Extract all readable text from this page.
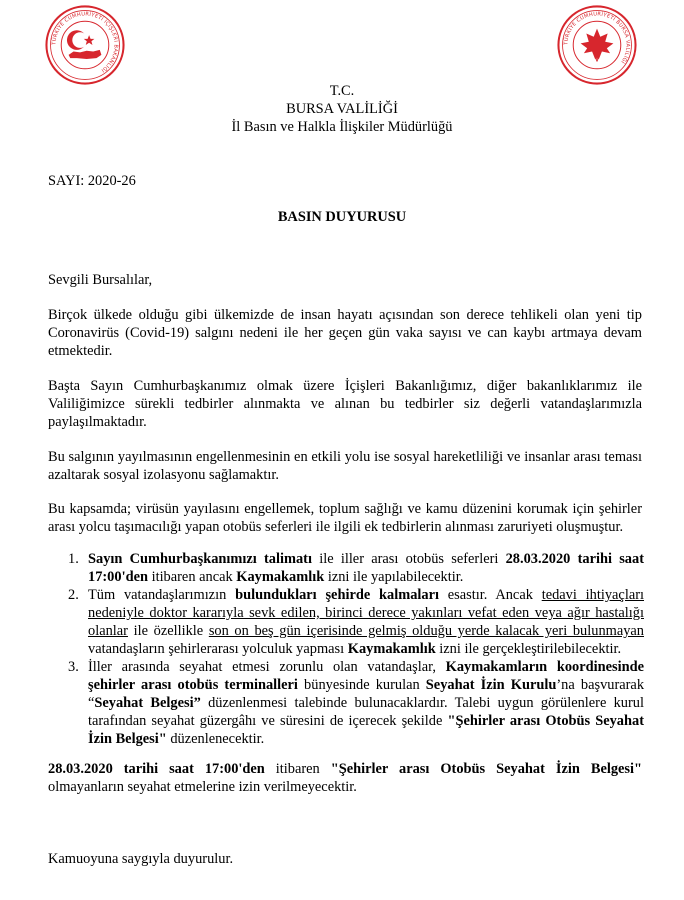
TÜRKİYE CUMHURİYETİ İÇİŞLERİ BAKANLIĞI
TÜRKİYE CUMHURİYETİ BURSA VALİLİĞİ
T.C.
BURSA VALİLİĞİ
İl Basın ve Halkla İlişkiler Müdürlüğü
SAYI: 2020-26
BASIN DUYURUSU
Sevgili Bursalılar,
Birçok ülkede olduğu gibi ülkemizde de insan hayatı açısından son derece tehlikeli olan yeni tip Coronavirüs (Covid-19) salgını nedeni ile her geçen gün vaka sayısı ve can kaybı artmaya devam etmektedir.
Başta Sayın Cumhurbaşkanımız olmak üzere İçişleri Bakanlığımız, diğer bakanlıklarımız ile Valiliğimizce sürekli tedbirler alınmakta ve alınan bu tedbirler siz değerli vatandaşlarımızla paylaşılmaktadır.
Bu salgının yayılmasının engellenmesinin en etkili yolu ise sosyal hareketliliği ve insanlar arası teması azaltarak sosyal izolasyonu sağlamaktır.
Bu kapsamda; virüsün yayılasını engellemek, toplum sağlığı ve kamu düzenini korumak için şehirler arası yolcu taşımacılığı yapan otobüs seferleri ile ilgili ek tedbirlerin alınması zaruriyeti oluşmuştur.
1. Sayın Cumhurbaşkanımızı talimatı ile iller arası otobüs seferleri 28.03.2020 tarihi saat 17:00'den itibaren ancak Kaymakamlık izni ile yapılabilecektir.
2. Tüm vatandaşlarımızın bulundukları şehirde kalmaları esastır. Ancak tedavi ihtiyaçları nedeniyle doktor kararıyla sevk edilen, birinci derece yakınları vefat eden veya ağır hastalığı olanlar ile özellikle son on beş gün içerisinde gelmiş olduğu yerde kalacak yeri bulunmayan vatandaşların şehirlerarası yolculuk yapması Kaymakamlık izni ile gerçekleştirilebilecektir.
3. İller arasında seyahat etmesi zorunlu olan vatandaşlar, Kaymakamların koordinesinde şehirler arası otobüs terminalleri bünyesinde kurulan Seyahat İzin Kurulu’na başvurarak “Seyahat Belgesi” düzenlenmesi talebinde bulunacaklardır. Talebi uygun görülenlere kurul tarafından seyahat güzergâhı ve süresini de içerecek şekilde "Şehirler arası Otobüs Seyahat İzin Belgesi" düzenlenecektir.
28.03.2020 tarihi saat 17:00'den itibaren "Şehirler arası Otobüs Seyahat İzin Belgesi" olmayanların seyahat etmelerine izin verilmeyecektir.
Kamuoyuna saygıyla duyurulur.
